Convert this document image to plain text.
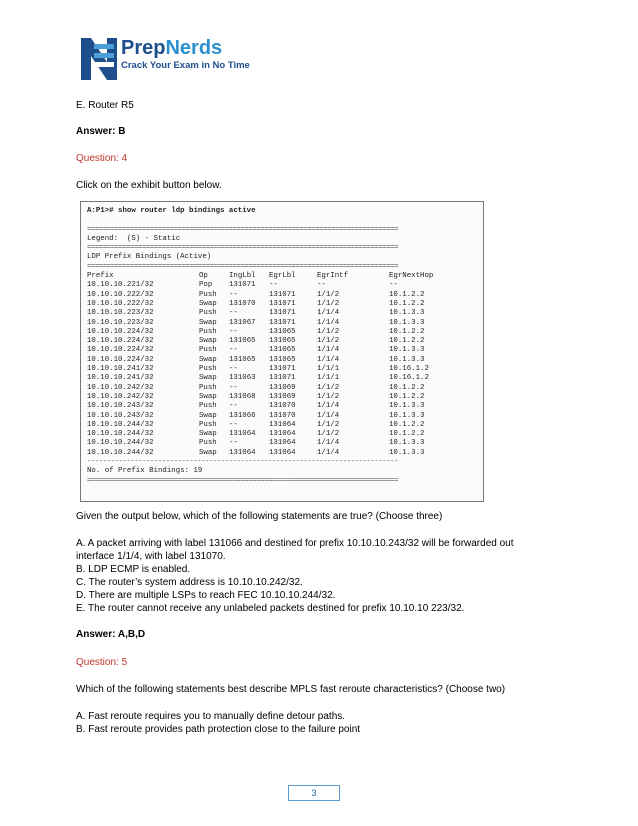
PrepNerds
Crack Your Exam in No Time
E. Router R5
Answer: B
Question: 4
Click on the exhibit button below.
A:P1># show router ldp bindings active

===============================================================================
Legend:  (S) - Static
===============================================================================
LDP Prefix Bindings (Active)
===============================================================================
Prefix	Op	IngLbl	EgrLbl	EgrIntf	EgrNextHop
10.10.10.221/32	Pop	131071	--	--	--
10.10.10.222/32	Push	--	131071	1/1/2	10.1.2.2
10.10.10.222/32	Swap	131070	131071	1/1/2	10.1.2.2
10.10.10.223/32	Push	--	131071	1/1/4	10.1.3.3
10.10.10.223/32	Swap	131067	131071	1/1/4	10.1.3.3
10.10.10.224/32	Push	--	131065	1/1/2	10.1.2.2
10.10.10.224/32	Swap	131065	131065	1/1/2	10.1.2.2
10.10.10.224/32	Push	--	131065	1/1/4	10.1.3.3
10.10.10.224/32	Swap	131065	131065	1/1/4	10.1.3.3
10.10.10.241/32	Push	--	131071	1/1/1	10.16.1.2
10.10.10.241/32	Swap	131063	131071	1/1/1	10.16.1.2
10.10.10.242/32	Push	--	131069	1/1/2	10.1.2.2
10.10.10.242/32	Swap	131068	131069	1/1/2	10.1.2.2
10.10.10.243/32	Push	--	131070	1/1/4	10.1.3.3
10.10.10.243/32	Swap	131066	131070	1/1/4	10.1.3.3
10.10.10.244/32	Push	--	131064	1/1/2	10.1.2.2
10.10.10.244/32	Swap	131064	131064	1/1/2	10.1.2.2
10.10.10.244/32	Push	--	131064	1/1/4	10.1.3.3
10.10.10.244/32	Swap	131064	131064	1/1/4	10.1.3.3
-------------------------------------------------------------------------------
No. of Prefix Bindings: 19
===============================================================================
Given the output below, which of the following statements are true? (Choose three)
A. A packet arriving with label 131066 and destined for prefix 10.10.10.243/32 will be forwarded out
interface 1/1/4, with label 131070.
B. LDP ECMP is enabled.
C. The router’s system address is 10.10.10.242/32.
D. There are multiple LSPs to reach FEC 10.10.10.244/32.
E. The router cannot receive any unlabeled packets destined for prefix 10.10.10 223/32.
Answer: A,B,D
Question: 5
Which of the following statements best describe MPLS fast reroute characteristics? (Choose two)
A. Fast reroute requires you to manually define detour paths.
B. Fast reroute provides path protection close to the failure point
3
